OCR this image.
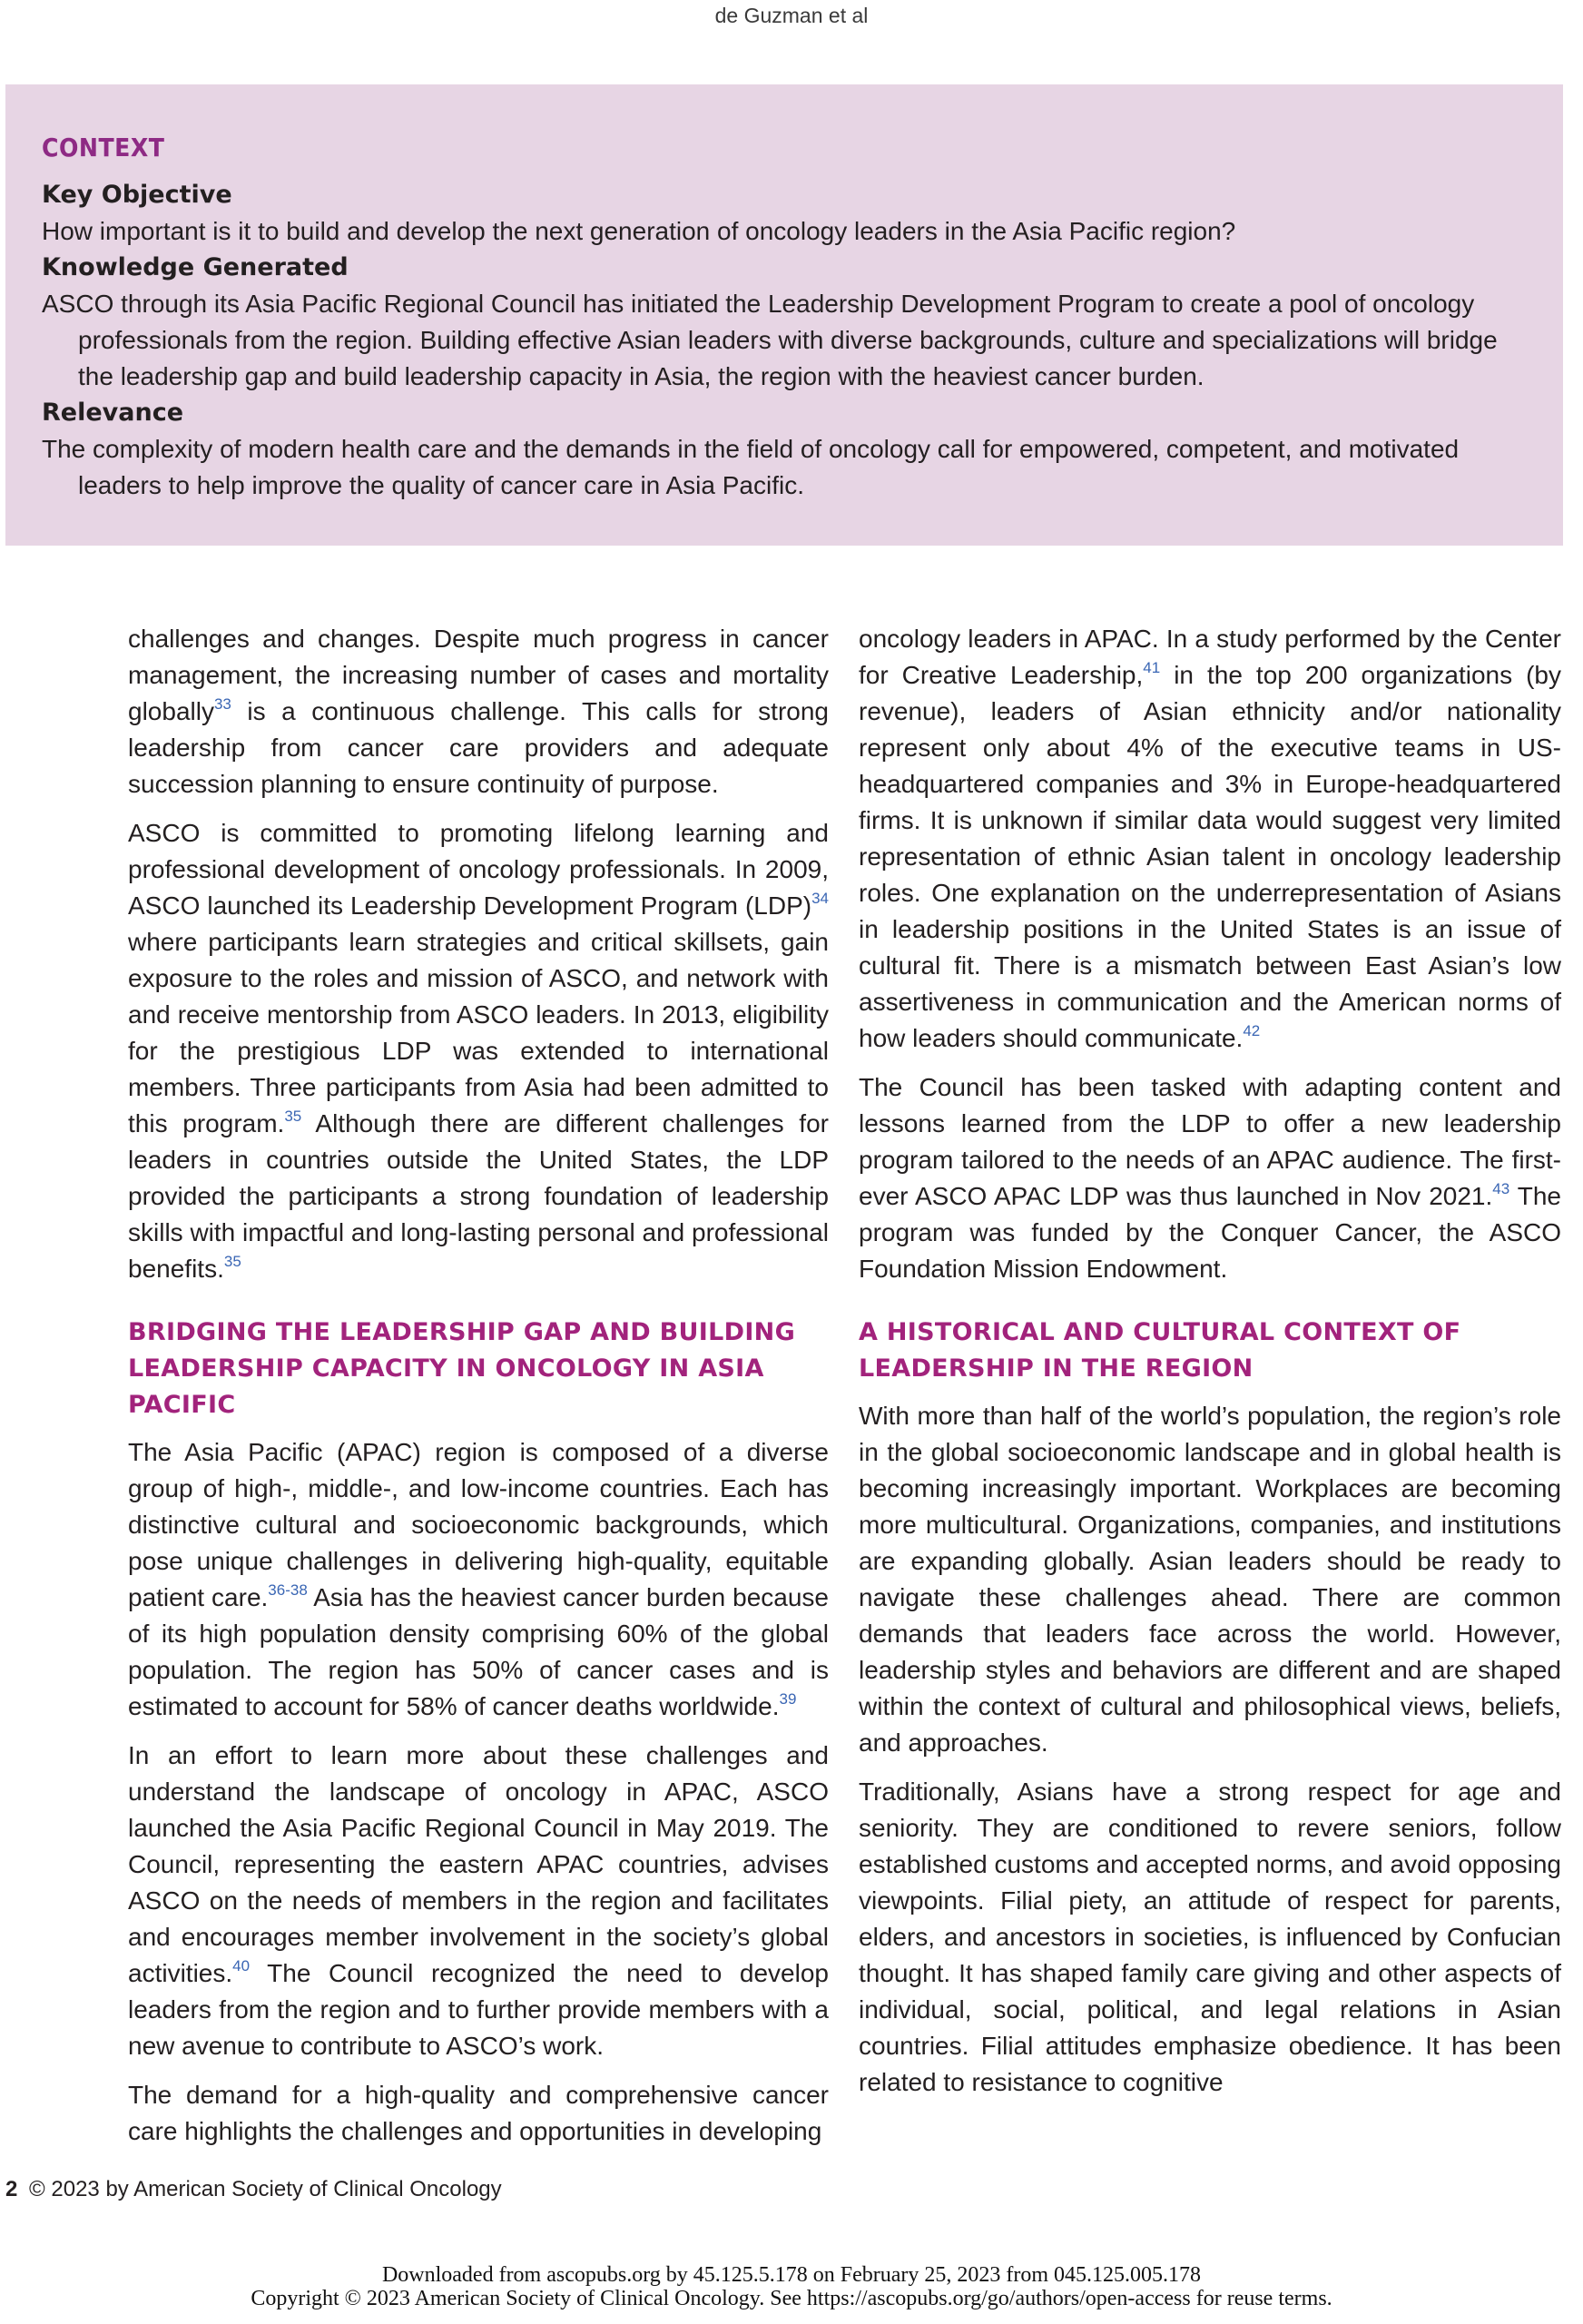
de Guzman et al
CONTEXT
Key Objective

How important is it to build and develop the next generation of oncology leaders in the Asia Pacific region?

Knowledge Generated

ASCO through its Asia Pacific Regional Council has initiated the Leadership Development Program to create a pool of oncology professionals from the region. Building effective Asian leaders with diverse backgrounds, culture and specializations will bridge the leadership gap and build leadership capacity in Asia, the region with the heaviest cancer burden.

Relevance

The complexity of modern health care and the demands in the field of oncology call for empowered, competent, and motivated leaders to help improve the quality of cancer care in Asia Pacific.

challenges and changes. Despite much progress in cancer management, the increasing number of cases and mortality globally$^{33}$ is a continuous challenge. This calls for strong leadership from cancer care providers and adequate succession planning to ensure continuity of purpose.

ASCO is committed to promoting lifelong learning and professional development of oncology professionals. In 2009, ASCO launched its Leadership Development Program (LDP)$^{34}$ where participants learn strategies and critical skillsets, gain exposure to the roles and mission of ASCO, and network with and receive mentorship from ASCO leaders. In 2013, eligibility for the prestigious LDP was extended to international members. Three participants from Asia had been admitted to this program.$^{35}$ Although there are different challenges for leaders in countries outside the United States, the LDP provided the participants a strong foundation of leadership skills with impactful and long-lasting personal and professional benefits.$^{35}$

BRIDGING THE LEADERSHIP GAP AND BUILDING LEADERSHIP CAPACITY IN ONCOLOGY IN ASIA PACIFIC

The Asia Pacific (APAC) region is composed of a diverse group of high-, middle-, and low-income countries. Each has distinctive cultural and socioeconomic backgrounds, which pose unique challenges in delivering high-quality, equitable patient care.$^{36-38}$ Asia has the heaviest cancer burden because of its high population density comprising 60% of the global population. The region has 50% of cancer cases and is estimated to account for 58% of cancer deaths worldwide.$^{39}$

In an effort to learn more about these challenges and understand the landscape of oncology in APAC, ASCO launched the Asia Pacific Regional Council in May 2019. The Council, representing the eastern APAC countries, advises ASCO on the needs of members in the region and facilitates and encourages member involvement in the society’s global activities.$^{40}$ The Council recognized the need to develop leaders from the region and to further provide members with a new avenue to contribute to ASCO’s work.

The demand for a high-quality and comprehensive cancer care highlights the challenges and opportunities in developing

oncology leaders in APAC. In a study performed by the Center for Creative Leadership,$^{41}$ in the top 200 organizations (by revenue), leaders of Asian ethnicity and/or nationality represent only about 4% of the executive teams in US-headquartered companies and 3% in Europe-headquartered firms. It is unknown if similar data would suggest very limited representation of ethnic Asian talent in oncology leadership roles. One explanation on the underrepresentation of Asians in leadership positions in the United States is an issue of cultural fit. There is a mismatch between East Asian’s low assertiveness in communication and the American norms of how leaders should communicate.$^{42}$

The Council has been tasked with adapting content and lessons learned from the LDP to offer a new leadership program tailored to the needs of an APAC audience. The first-ever ASCO APAC LDP was thus launched in Nov 2021.43 The program was funded by the Conquer Cancer, the ASCO Foundation Mission Endowment.

A HISTORICAL AND CULTURAL CONTEXT OF LEADERSHIP IN THE REGION

With more than half of the world’s population, the region’s role in the global socioeconomic landscape and in global health is becoming increasingly important. Workplaces are becoming more multicultural. Organizations, companies, and institutions are expanding globally. Asian leaders should be ready to navigate these challenges ahead. There are common demands that leaders face across the world. However, leadership styles and behaviors are different and are shaped within the context of cultural and philosophical views, beliefs, and approaches.

Traditionally, Asians have a strong respect for age and seniority. They are conditioned to revere seniors, follow established customs and accepted norms, and avoid opposing viewpoints. Filial piety, an attitude of respect for parents, elders, and ancestors in societies, is influenced by Confucian thought. It has shaped family care giving and other aspects of individual, social, political, and legal relations in Asian countries. Filial attitudes emphasize obedience. It has been related to resistance to cognitive

2 © 2023 by American Society of Clinical Oncology
Downloaded from ascopubs.org by 45.125.5.178 on February 25, 2023 from 045.125.005.178
Copyright © 2023 American Society of Clinical Oncology. See https://ascopubs.org/go/authors/open-access for reuse terms.
